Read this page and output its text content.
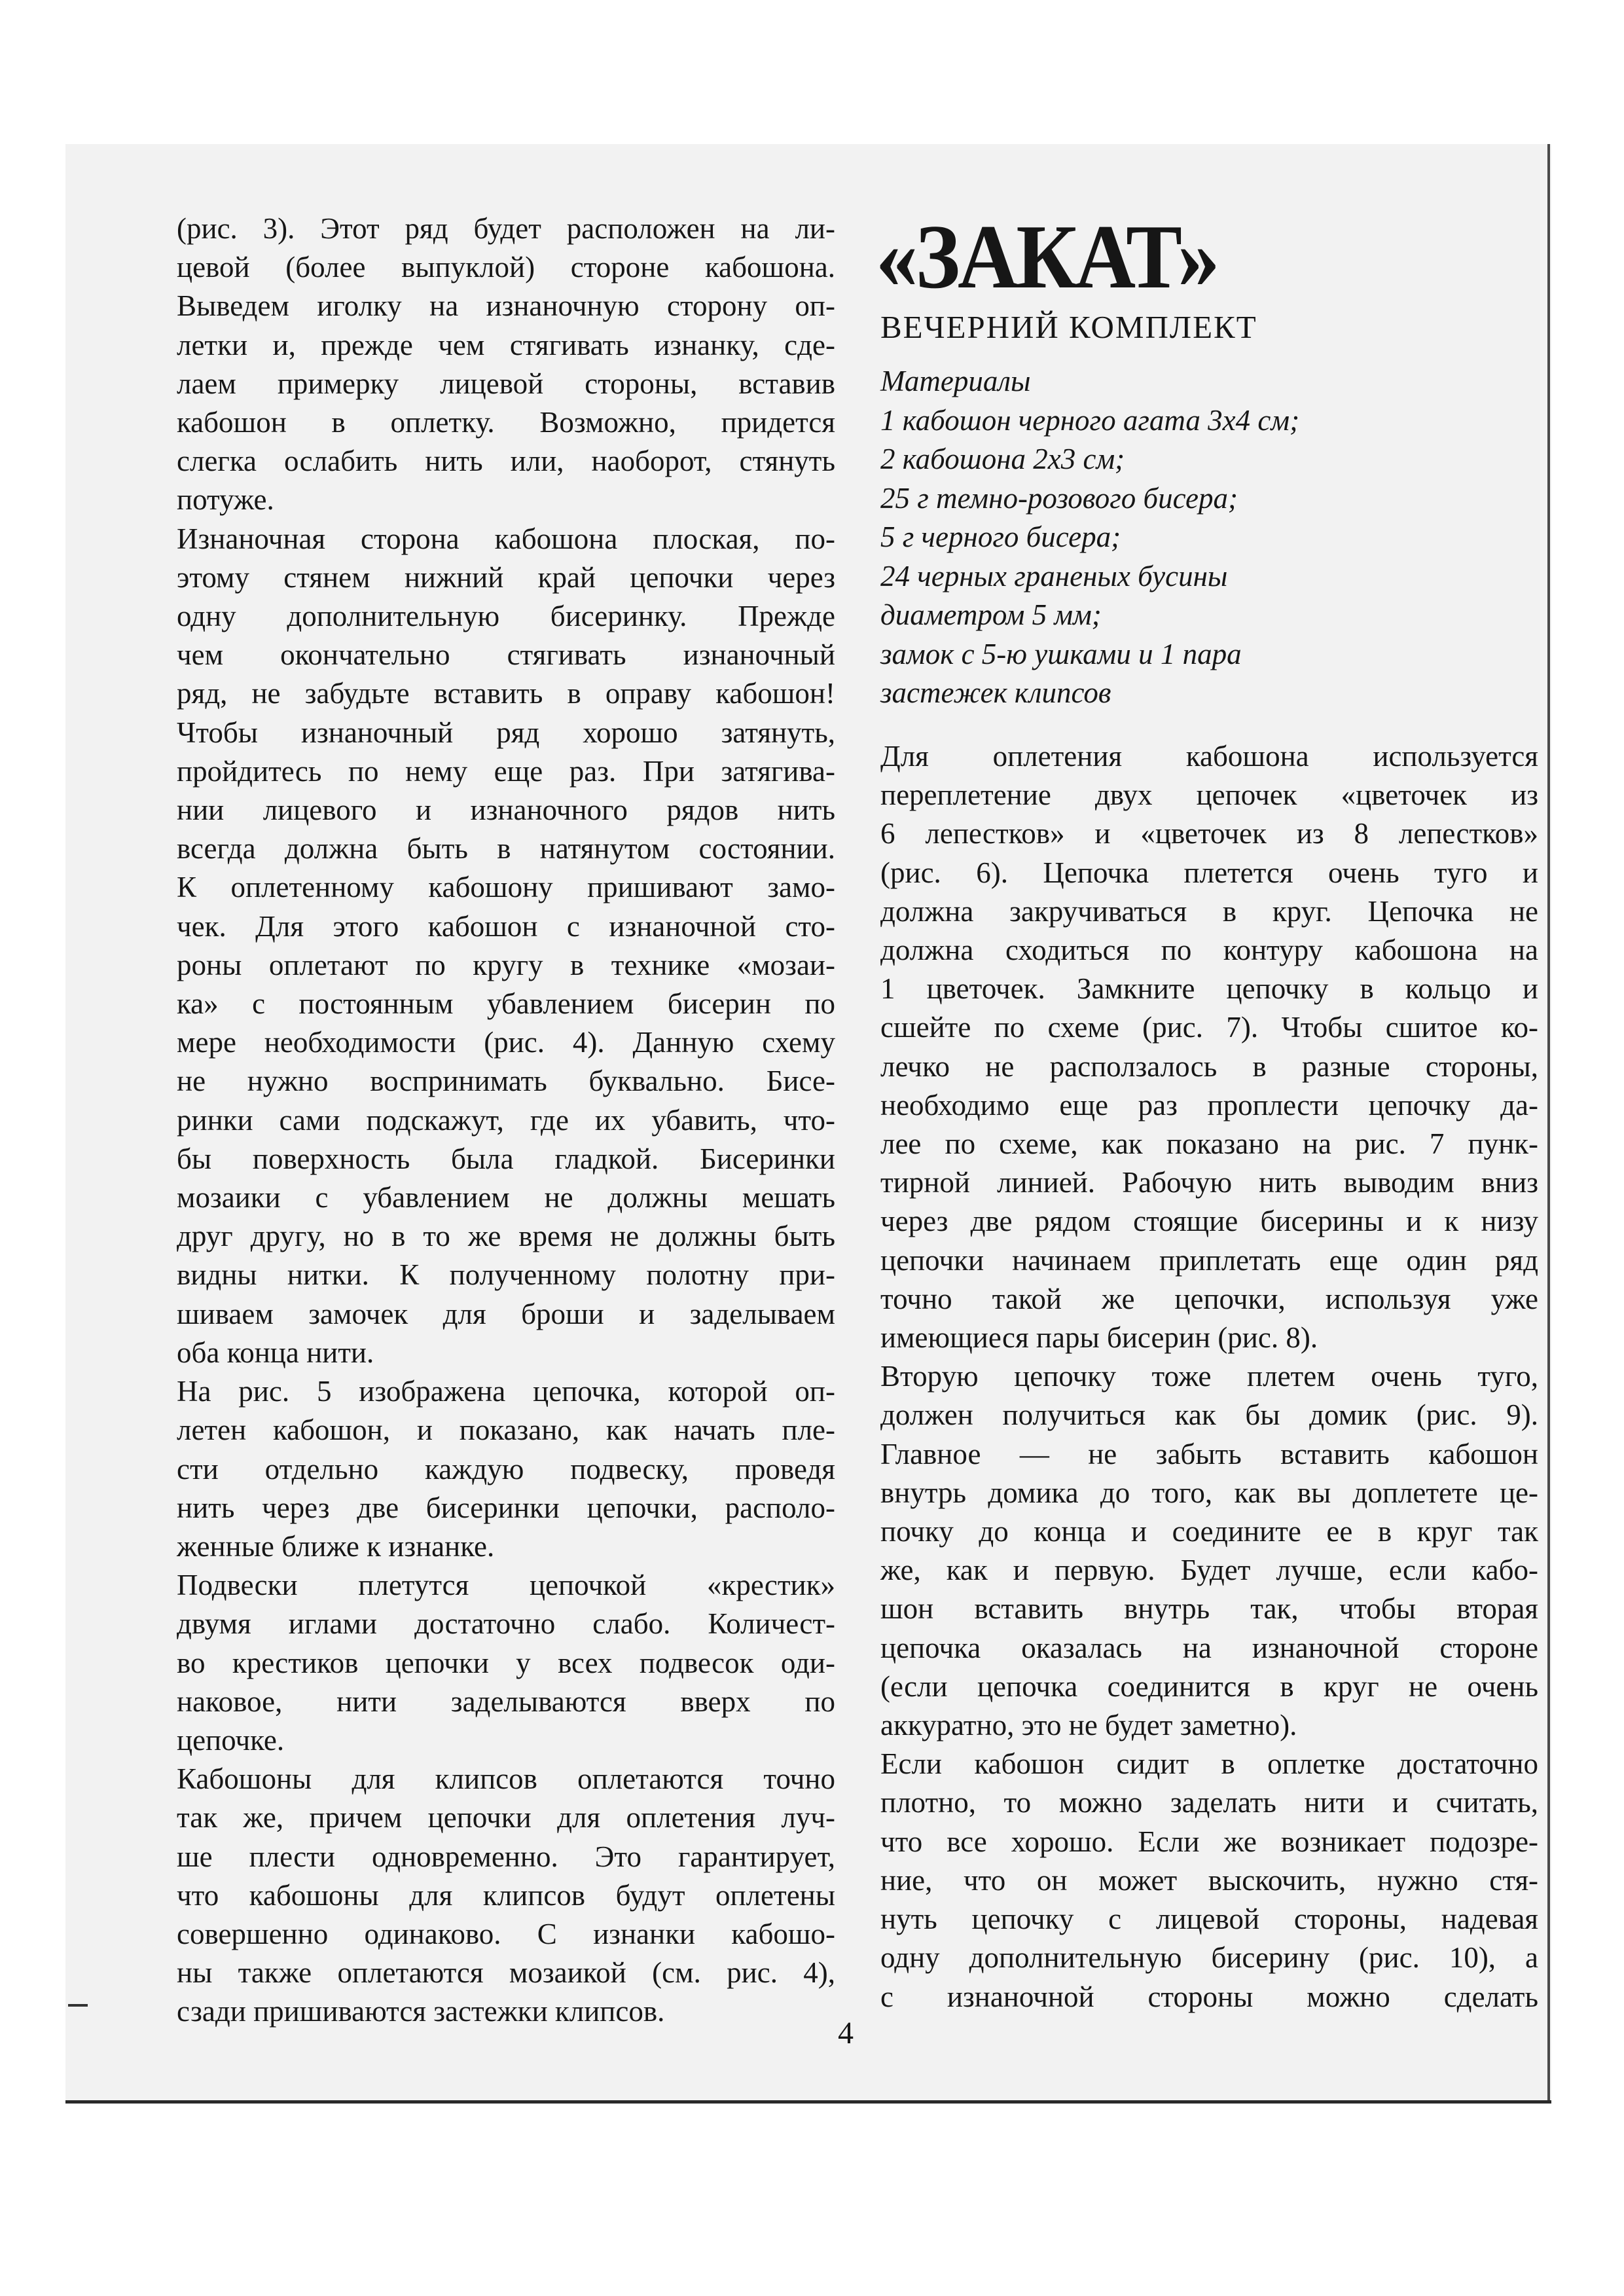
«ЗАКАТ»
ВЕЧЕРНИЙ КОМПЛЕКТ
Материалы
1 кабошон черного агата 3х4 см;
2 кабошона 2х3 см;
25 г темно-розового бисера;
5 г черного бисера;
24 черных граненых бусины
диаметром 5 мм;
замок с 5-ю ушками и 1 пара
застежек клипсов
(рис. 3). Этот ряд будет расположен на ли-
цевой (более выпуклой) стороне кабошона.
Выведем иголку на изнаночную сторону оп-
летки и, прежде чем стягивать изнанку, сде-
лаем примерку лицевой стороны, вставив
кабошон в оплетку. Возможно, придется
слегка ослабить нить или, наоборот, стянуть
потуже.
Изнаночная сторона кабошона плоская, по-
этому стянем нижний край цепочки через
одну дополнительную бисеринку. Прежде
чем окончательно стягивать изнаночный
ряд, не забудьте вставить в оправу кабошон!
Чтобы изнаночный ряд хорошо затянуть,
пройдитесь по нему еще раз. При затягива-
нии лицевого и изнаночного рядов нить
всегда должна быть в натянутом состоянии.
К оплетенному кабошону пришивают замо-
чек. Для этого кабошон с изнаночной сто-
роны оплетают по кругу в технике «мозаи-
ка» с постоянным убавлением бисерин по
мере необходимости (рис. 4). Данную схему
не нужно воспринимать буквально. Бисе-
ринки сами подскажут, где их убавить, что-
бы поверхность была гладкой. Бисеринки
мозаики с убавлением не должны мешать
друг другу, но в то же время не должны быть
видны нитки. К полученному полотну при-
шиваем замочек для броши и заделываем
оба конца нити.
На рис. 5 изображена цепочка, которой оп-
летен кабошон, и показано, как начать пле-
сти отдельно каждую подвеску, проведя
нить через две бисеринки цепочки, располо-
женные ближе к изнанке.
Подвески плетутся цепочкой «крестик»
двумя иглами достаточно слабо. Количест-
во крестиков цепочки у всех подвесок оди-
наковое, нити заделываются вверх по
цепочке.
Кабошоны для клипсов оплетаются точно
так же, причем цепочки для оплетения луч-
ше плести одновременно. Это гарантирует,
что кабошоны для клипсов будут оплетены
совершенно одинаково. С изнанки кабошо-
ны также оплетаются мозаикой (см. рис. 4),
сзади пришиваются застежки клипсов.
Для оплетения кабошона используется
переплетение двух цепочек «цветочек из
6 лепестков» и «цветочек из 8 лепестков»
(рис. 6). Цепочка плетется очень туго и
должна закручиваться в круг. Цепочка не
должна сходиться по контуру кабошона на
1 цветочек. Замкните цепочку в кольцо и
сшейте по схеме (рис. 7). Чтобы сшитое ко-
лечко не расползалось в разные стороны,
необходимо еще раз проплести цепочку да-
лее по схеме, как показано на рис. 7 пунк-
тирной линией. Рабочую нить выводим вниз
через две рядом стоящие бисерины и к низу
цепочки начинаем приплетать еще один ряд
точно такой же цепочки, используя уже
имеющиеся пары бисерин (рис. 8).
Вторую цепочку тоже плетем очень туго,
должен получиться как бы домик (рис. 9).
Главное — не забыть вставить кабошон
внутрь домика до того, как вы доплетете це-
почку до конца и соедините ее в круг так
же, как и первую. Будет лучше, если кабо-
шон вставить внутрь так, чтобы вторая
цепочка оказалась на изнаночной стороне
(если цепочка соединится в круг не очень
аккуратно, это не будет заметно).
Если кабошон сидит в оплетке достаточно
плотно, то можно заделать нити и считать,
что все хорошо. Если же возникает подозре-
ние, что он может выскочить, нужно стя-
нуть цепочку с лицевой стороны, надевая
одну дополнительную бисерину (рис. 10), а
с изнаночной стороны можно сделать
4
